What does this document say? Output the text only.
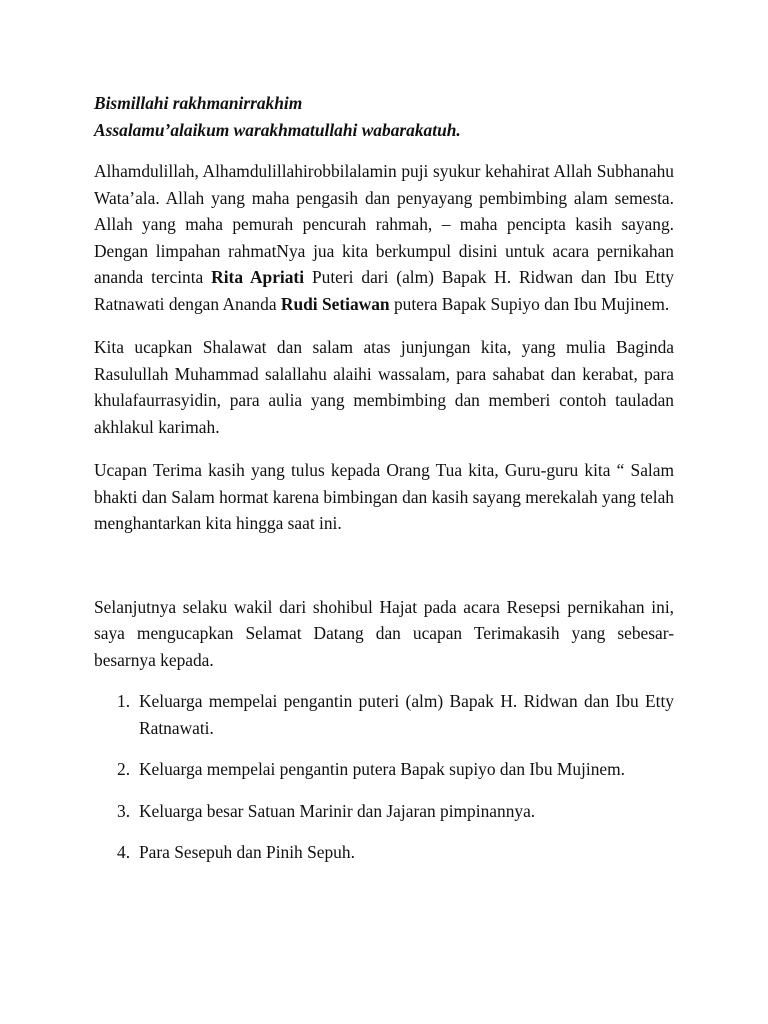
Bismillahi rakhmanirrakhim
Assalamu’alaikum warakhmatullahi wabarakatuh.

Alhamdulillah, Alhamdulillahirobbilalamin puji syukur kehahirat Allah Subhanahu Wata’ala. Allah yang maha pengasih dan penyayang pembimbing alam semesta. Allah yang maha pemurah pencurah rahmah, – maha pencipta kasih sayang. Dengan limpahan rahmatNya jua kita berkumpul disini untuk acara pernikahan ananda tercinta Rita Apriati Puteri dari (alm) Bapak H. Ridwan dan Ibu Etty Ratnawati dengan Ananda Rudi Setiawan putera Bapak Supiyo dan Ibu Mujinem.

Kita ucapkan Shalawat dan salam atas junjungan kita, yang mulia Baginda Rasulullah Muhammad salallahu alaihi wassalam, para sahabat dan kerabat, para khulafaurrasyidin, para aulia yang membimbing dan memberi contoh tauladan akhlakul karimah.

Ucapan Terima kasih yang tulus kepada Orang Tua kita, Guru-guru kita “ Salam bhakti dan Salam hormat karena bimbingan dan kasih sayang merekalah yang telah menghantarkan kita hingga saat ini.

Selanjutnya selaku wakil dari shohibul Hajat pada acara Resepsi pernikahan ini, saya mengucapkan Selamat Datang dan ucapan Terimakasih yang sebesar-besarnya kepada.

1. Keluarga mempelai pengantin puteri (alm) Bapak H. Ridwan dan Ibu Etty Ratnawati.
2. Keluarga mempelai pengantin putera Bapak supiyo dan Ibu Mujinem.
3. Keluarga besar Satuan Marinir dan Jajaran pimpinannya.
4. Para Sesepuh dan Pinih Sepuh.
